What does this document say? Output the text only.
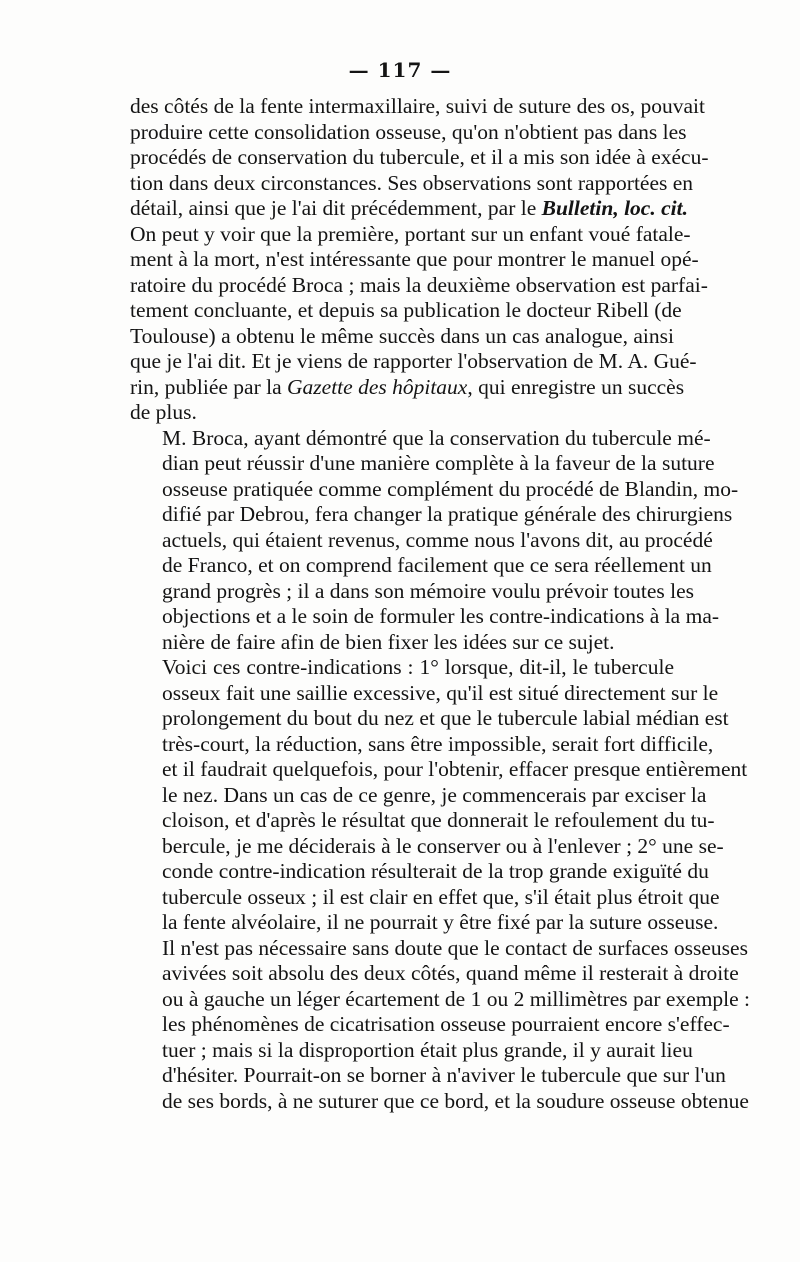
— 117 —

des côtés de la fente intermaxillaire, suivi de suture des os, pouvait
produire cette consolidation osseuse, qu'on n'obtient pas dans les
procédés de conservation du tubercule, et il a mis son idée à exécu-
tion dans deux circonstances. Ses observations sont rapportées en
détail, ainsi que je l'ai dit précédemment, par le Bulletin, loc. cit.
On peut y voir que la première, portant sur un enfant voué fatale-
ment à la mort, n'est intéressante que pour montrer le manuel opé-
ratoire du procédé Broca ; mais la deuxième observation est parfai-
tement concluante, et depuis sa publication le docteur Ribell (de
Toulouse) a obtenu le même succès dans un cas analogue, ainsi
que je l'ai dit. Et je viens de rapporter l'observation de M. A. Gué-
rin, publiée par la Gazette des hôpitaux, qui enregistre un succès
de plus.

M. Broca, ayant démontré que la conservation du tubercule mé-
dian peut réussir d'une manière complète à la faveur de la suture
osseuse pratiquée comme complément du procédé de Blandin, mo-
difié par Debrou, fera changer la pratique générale des chirurgiens
actuels, qui étaient revenus, comme nous l'avons dit, au procédé
de Franco, et on comprend facilement que ce sera réellement un
grand progrès ; il a dans son mémoire voulu prévoir toutes les
objections et a le soin de formuler les contre-indications à la ma-
nière de faire afin de bien fixer les idées sur ce sujet.

Voici ces contre-indications : 1° lorsque, dit-il, le tubercule
osseux fait une saillie excessive, qu'il est situé directement sur le
prolongement du bout du nez et que le tubercule labial médian est
très-court, la réduction, sans être impossible, serait fort difficile,
et il faudrait quelquefois, pour l'obtenir, effacer presque entièrement
le nez. Dans un cas de ce genre, je commencerais par exciser la
cloison, et d'après le résultat que donnerait le refoulement du tu-
bercule, je me déciderais à le conserver ou à l'enlever ; 2° une se-
conde contre-indication résulterait de la trop grande exiguïté du
tubercule osseux ; il est clair en effet que, s'il était plus étroit que
la fente alvéolaire, il ne pourrait y être fixé par la suture osseuse.
Il n'est pas nécessaire sans doute que le contact de surfaces osseuses
avivées soit absolu des deux côtés, quand même il resterait à droite
ou à gauche un léger écartement de 1 ou 2 millimètres par exemple :
les phénomènes de cicatrisation osseuse pourraient encore s'effec-
tuer ; mais si la disproportion était plus grande, il y aurait lieu
d'hésiter. Pourrait-on se borner à n'aviver le tubercule que sur l'un
de ses bords, à ne suturer que ce bord, et la soudure osseuse obtenue
